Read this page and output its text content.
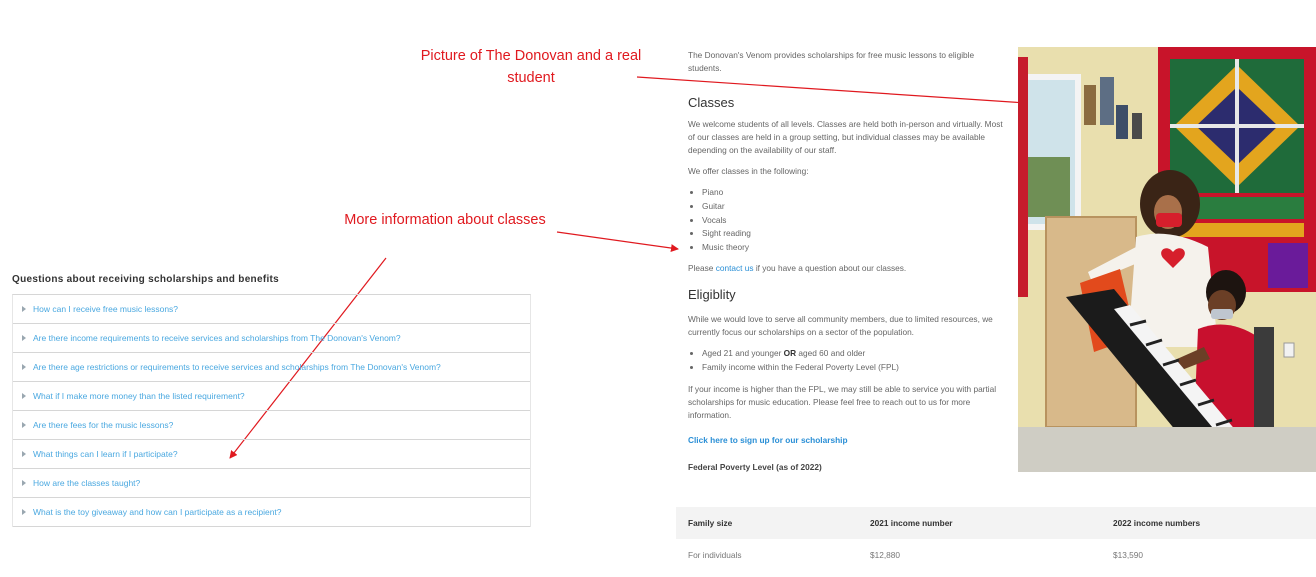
Picture of The Donovan and a real student
More information about classes
Questions about receiving scholarships and benefits
How can I receive free music lessons?
Are there income requirements to receive services and scholarships from The Donovan's Venom?
Are there age restrictions or requirements to receive services and scholarships from The Donovan's Venom?
What if I make more money than the listed requirement?
Are there fees for the music lessons?
What things can I learn if I participate?
How are the classes taught?
What is the toy giveaway and how can I participate as a recipient?

The Donovan's Venom provides scholarships for free music lessons to eligible students.

Classes

We welcome students of all levels. Classes are held both in-person and virtually. Most of our classes are held in a group setting, but individual classes may be available depending on the availability of our staff.

We offer classes in the following:

• Piano
• Guitar
• Vocals
• Sight reading
• Music theory

Please contact us if you have a question about our classes.

Eligiblity

While we would love to serve all community members, due to limited resources, we currently focus our scholarships on a sector of the population.

• Aged 21 and younger OR aged 60 and older
• Family income within the Federal Poverty Level (FPL)

If your income is higher than the FPL, we may still be able to service you with partial scholarships for music education. Please feel free to reach out to us for more information.

Click here to sign up for our scholarship
Federal Poverty Level (as of 2022)
Family size	2021 income number	2022 income numbers
For individuals	$12,880	$13,590
